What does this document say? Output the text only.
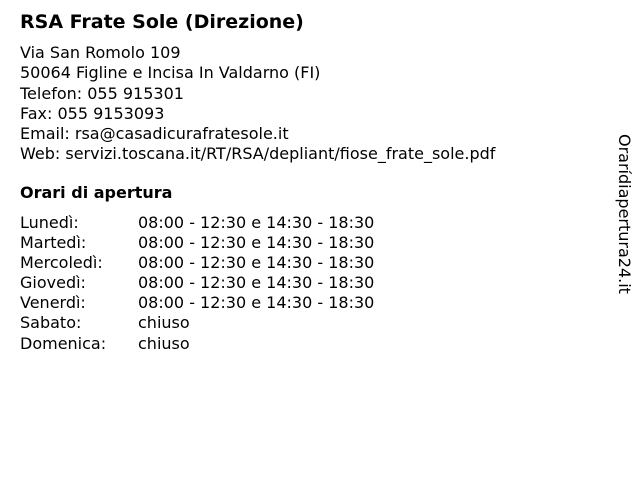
RSA Frate Sole (Direzione)
Via San Romolo 109
50064 Figline e Incisa In Valdarno (FI)
Telefon: 055 915301
Fax: 055 9153093
Email: rsa@casadicurafratesole.it
Web: servizi.toscana.it/RT/RSA/depliant/fiose_frate_sole.pdf
Orari di apertura
Lunedì:	08:00 - 12:30 e 14:30 - 18:30
Martedì:	08:00 - 12:30 e 14:30 - 18:30
Mercoledì: 08:00 - 12:30 e 14:30 - 18:30
Giovedì:	08:00 - 12:30 e 14:30 - 18:30
Venerdì:	08:00 - 12:30 e 14:30 - 18:30
Sabato:	chiuso
Domenica: chiuso
Orarídiapertura24.it
